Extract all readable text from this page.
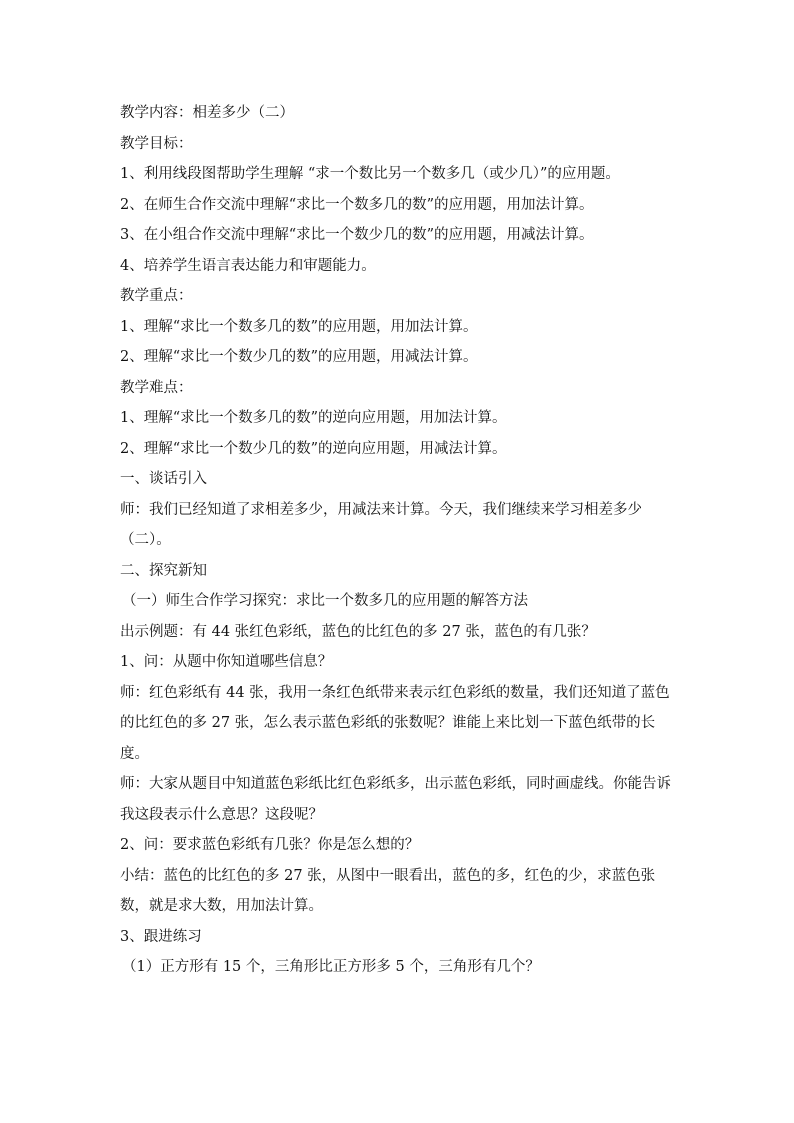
教学内容：相差多少（二）

教学目标：

1、利用线段图帮助学生理解 “求一个数比另一个数多几（或少几）”的应用题。

2、在师生合作交流中理解“求比一个数多几的数”的应用题，用加法计算。

3、在小组合作交流中理解“求比一个数少几的数”的应用题，用减法计算。

4、培养学生语言表达能力和审题能力。

教学重点：

1、理解“求比一个数多几的数”的应用题，用加法计算。

2、理解“求比一个数少几的数”的应用题，用减法计算。

教学难点：

1、理解“求比一个数多几的数”的逆向应用题，用加法计算。

2、理解“求比一个数少几的数”的逆向应用题，用减法计算。

一、谈话引入

师：我们已经知道了求相差多少，用减法来计算。今天，我们继续来学习相差多少（二）。

二、探究新知

（一）师生合作学习探究：求比一个数多几的应用题的解答方法

出示例题：有 44 张红色彩纸，蓝色的比红色的多 27 张，蓝色的有几张？

1、问：从题中你知道哪些信息？

师：红色彩纸有 44 张，我用一条红色纸带来表示红色彩纸的数量，我们还知道了蓝色的比红色的多 27 张，怎么表示蓝色彩纸的张数呢？谁能上来比划一下蓝色纸带的长度。

师：大家从题目中知道蓝色彩纸比红色彩纸多，出示蓝色彩纸，同时画虚线。你能告诉我这段表示什么意思？这段呢？

2、问：要求蓝色彩纸有几张？你是怎么想的？

小结：蓝色的比红色的多 27 张，从图中一眼看出，蓝色的多，红色的少，求蓝色张数，就是求大数，用加法计算。

3、跟进练习

（1）正方形有 15 个，三角形比正方形多 5 个，三角形有几个？
